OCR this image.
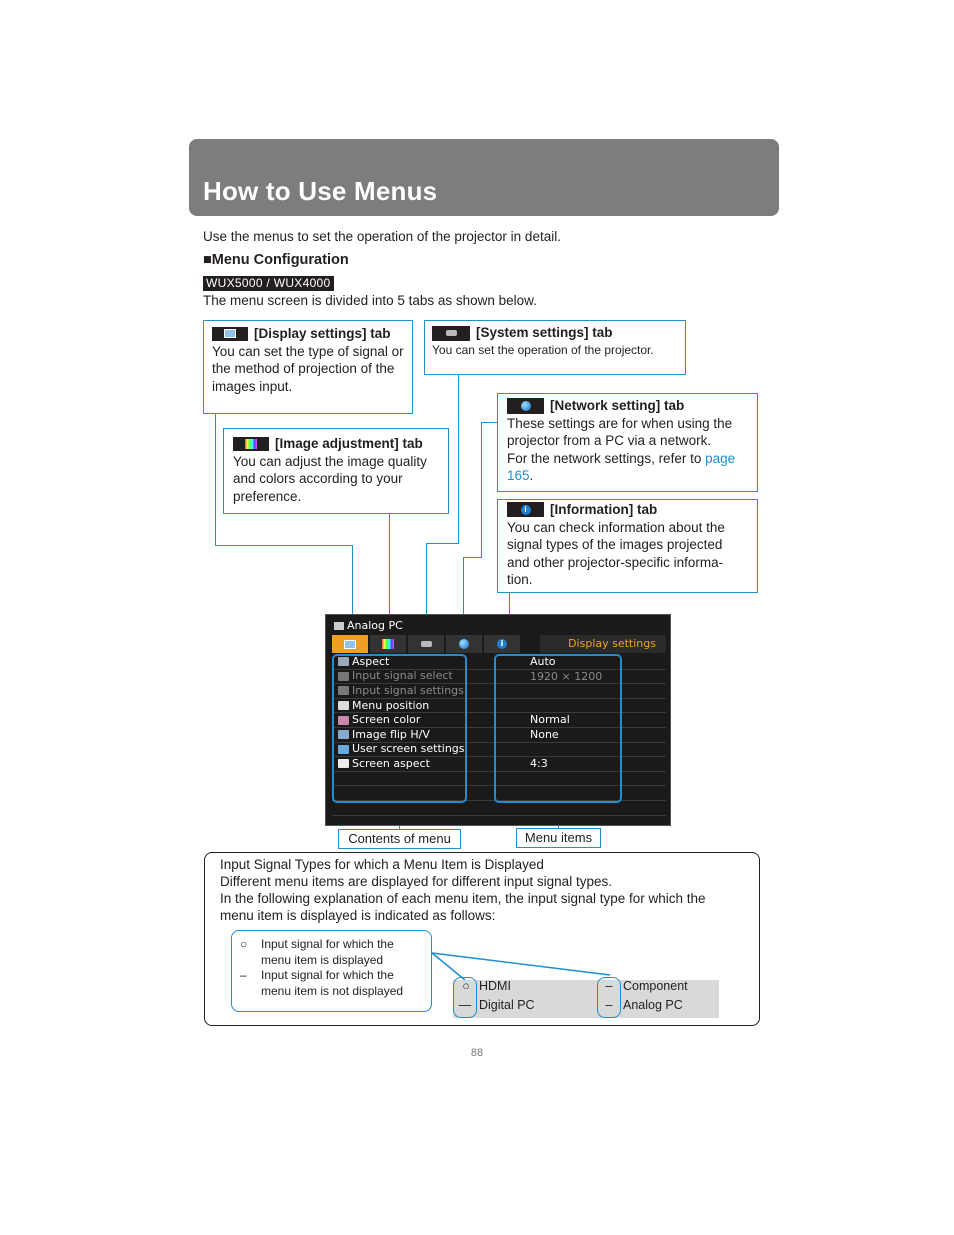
How to Use Menus
Use the menus to set the operation of the projector in detail.
■Menu Configuration
WUX5000 / WUX4000
The menu screen is divided into 5 tabs as shown below.
[Display settings] tab
You can set the type of signal or the method of projection of the images input.
[System settings] tab
You can set the operation of the projector.
[Network setting] tab
These settings are for when using the projector from a PC via a network.
For the network settings, refer to page 165.
[Image adjustment] tab
You can adjust the image quality and colors according to your preference.
i [Information] tab
You can check information about the signal types of the images projected and other projector-specific informa-tion.
Analog PC
i	Display settings
Aspect	Auto
Input signal select	1920 × 1200
Input signal settings
Menu position
Screen color	Normal
Image flip H/V	None
User screen settings
Screen aspect	4:3
Contents of menu	Menu items
Input Signal Types for which a Menu Item is Displayed
Different menu items are displayed for different input signal types.
In the following explanation of each menu item, the input signal type for which the menu item is displayed is indicated as follows:
○	Input signal for which the menu item is displayed
–	Input signal for which the menu item is not displayed	○ HDMI
— Digital PC
– Component
– Analog PC
88
